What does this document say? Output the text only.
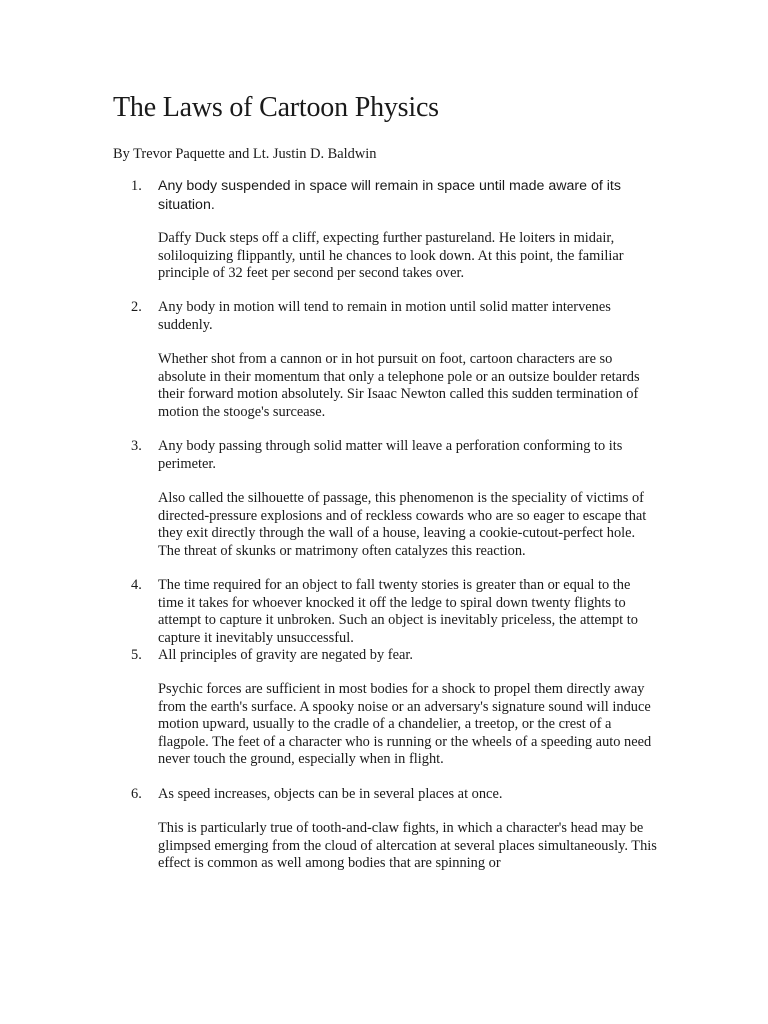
The Laws of Cartoon Physics

By Trevor Paquette and Lt. Justin D. Baldwin

1.	Any body suspended in space will remain in space until made aware of its situation.

Daffy Duck steps off a cliff, expecting further pastureland. He loiters in midair, soliloquizing flippantly, until he chances to look down. At this point, the familiar principle of 32 feet per second per second takes over.

2.	Any body in motion will tend to remain in motion until solid matter intervenes suddenly.

Whether shot from a cannon or in hot pursuit on foot, cartoon characters are so absolute in their momentum that only a telephone pole or an outsize boulder retards their forward motion absolutely. Sir Isaac Newton called this sudden termination of motion the stooge's surcease.

3.	Any body passing through solid matter will leave a perforation conforming to its perimeter.

Also called the silhouette of passage, this phenomenon is the speciality of victims of directed-pressure explosions and of reckless cowards who are so eager to escape that they exit directly through the wall of a house, leaving a cookie-cutout-perfect hole. The threat of skunks or matrimony often catalyzes this reaction.

4.	The time required for an object to fall twenty stories is greater than or equal to the time it takes for whoever knocked it off the ledge to spiral down twenty flights to attempt to capture it unbroken. Such an object is inevitably priceless, the attempt to capture it inevitably unsuccessful.

5.	All principles of gravity are negated by fear.

Psychic forces are sufficient in most bodies for a shock to propel them directly away from the earth's surface. A spooky noise or an adversary's signature sound will induce motion upward, usually to the cradle of a chandelier, a treetop, or the crest of a flagpole. The feet of a character who is running or the wheels of a speeding auto need never touch the ground, especially when in flight.

6.	As speed increases, objects can be in several places at once.

This is particularly true of tooth-and-claw fights, in which a character's head may be glimpsed emerging from the cloud of altercation at several places simultaneously. This effect is common as well among bodies that are spinning or
